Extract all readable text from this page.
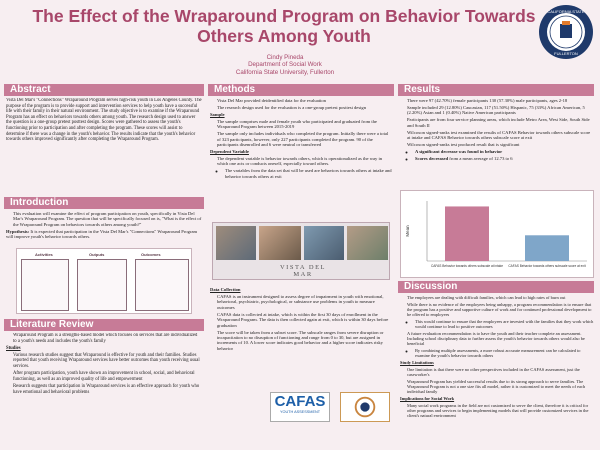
The Effect of the Wraparound Program on Behavior Towards Others Among Youth
Cindy Pineda
Department of Social Work
California State University, Fullerton
CALIFORNIA STATE
FULLERTON
Abstract

Vista Del Mar's "Connections" Wraparound Program serves high-risk youth in Los Angeles County. The purpose of the program is to provide support and intervention services to help youth have a successful life with their family in their natural environment. The study objective is to examine if the Wraparound Program has an effect on behaviors towards others among youth. The research design used to answer the question is a one-group pretest posttest design. Scores were gathered to assess the youth's functioning prior to participation and after completing the program. These scores will assist to determine if there was a change in the youth's behavior. The results indicate that the youth's behavior towards others improved significantly after completing the Wraparound Program.

Introduction
• This evaluation will examine the effect of program participation on youth, specifically in Vista Del Mar's Wraparound Program. The question that will be specifically focused on is, "What is the effect of the Wraparound Program on behaviors towards others among youth?"

Hypothesis: It is expected that participation in the Vista Del Mar's "Connections" Wraparound Program will improve youth's behavior towards others.

Activities	Outputs	Outcomes
Literature Review
• Wraparound Program is a strengths-based model which focuses on services that are individualized to a youth's needs and includes the youth's family
Studies
• Various research studies suggest that Wraparound is effective for youth and their families. Studies reported that youth receiving Wraparound services have better outcomes than youth receiving usual services.
• After program participation, youth have shown an improvement in school, social, and behavioral functioning, as well as an improved quality of life and empowerment
• Research suggests that participation in Wraparound services is an effective approach for youth who have emotional and behavioral problems
Methods
• Vista Del Mar provided deidentified data for the evaluation
• The research design used for the evaluation is a one-group pretest posttest design
Sample
• The sample comprises male and female youth who participated and graduated from the Wraparound Program between 2015-2019
• The sample only includes individuals who completed the program. Initially there were a total of 323 participants, however, only 227 participants completed the program. 90 of the participants disenrolled and 6 were neutral or transferred
Dependent Variable
• The dependent variable is behavior towards others, which is operationalized as the way in which one acts or conducts oneself, especially toward others.
◦ The variables from the data set that will be used are behaviors towards others at intake and behavior towards others at exit
VISTA DEL MAR
Data Collection
• CAFAS is an instrument designed to assess degree of impairment in youth with emotional, behavioral, psychiatric, psychological, or substance use problems in youth to measure outcomes
• CAFAS data is collected at intake, which is within the first 30 days of enrollment in the Wraparound Program. The data is then collected again at exit, which is within 30 days before graduation
• The score will be taken from a subset score. The subscale ranges from severe disruption or incapacitation to no disruption of functioning and range from 0 to 30, but are assigned in increments of 10. A lower score indicates good behavior and a higher score indicates risky behavior
CAFAS
YOUTH ASSESSMENT
Results
• There were 97 (42.70%) female participants 130 (57.30%) male participants, ages 2-18
• Sample included 29 (12.80%) Caucasian, 117 (51.50%) Hispanic, 75 (33%) African American, 5 (2.20%) Asian and 1 (0.40%) Native American participants
• Participants are from four service planning areas, which include Metro Area, West Side, South Side and South II
• Wilcoxon signed-ranks test examined the results of CAFAS Behavior towards others subscale score at intake and CAFAS Behavior towards others subscale score at exit
• Wilcoxon signed-ranks test produced result that is significant
◦ A significant decrease was found in behavior
◦ Scores decreased from a mean average of 12.73 to 6
Mean
CAFAS Behavior towards others subscale at intake CAFAS Behavior towards others subscale score at exit
Discussion
• The employees are dealing with difficult families, which can lead to high rates of burn out
• While there is no evidence of the employees being unhappy, a program recommendation is to ensure that the program has a positive and supportive culture of work and for continued professional development to be offered to employees
◦ This would continue to ensure that the employees are invested with the families that they work which would continue to lead to positive outcomes
• A future evaluation recommendation is to have the youth and their teacher complete an assessment. Including school disciplinary data to further assess the youth's behavior towards others would also be beneficial
◦ By combining multiple assessments, a more robust accurate measurement can be calculated to examine the youth's behavior towards others
Study Limitations
• One limitation is that there were no other perspectives included in the CAFAS assessment, just the caseworker's
• Wraparound Program has yielded successful results due to its strong approach to serve families. The Wraparound Program is not a one size fits all model, rather it is customized to meet the needs of each individual family
Implications for Social Work
• Many social work programs in the field are not customized to serve the client, therefore it is critical for other programs and services to begin implementing models that will provide customized services in the client's natural environment
